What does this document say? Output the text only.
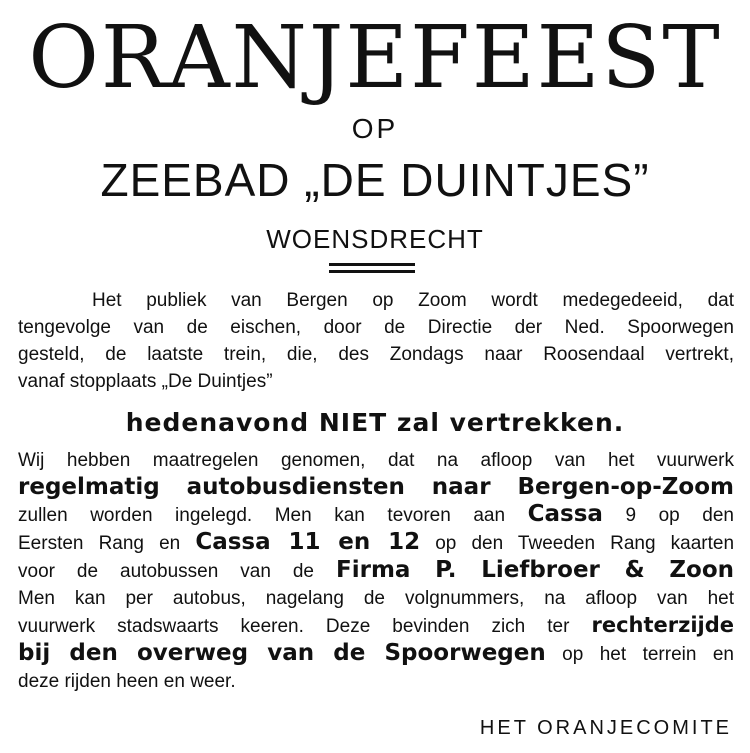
ORANJEFEEST
OP
ZEEBAD „DE DUINTJES”
WOENSDRECHT
Het publiek van Bergen op Zoom wordt medegedeeid, dat
tengevolge van de eischen, door de Directie der Ned. Spoorwegen
gesteld, de laatste trein, die, des Zondags naar Roosendaal vertrekt,
vanaf stopplaats „De Duintjes”
hedenavond NIET zal vertrekken.
Wij hebben maatregelen genomen, dat na afloop van het vuurwerk
regelmatig autobusdiensten naar Bergen-op-Zoom
zullen worden ingelegd. Men kan tevoren aan Cassa 9 op den
Eersten Rang en Cassa 11 en 12 op den Tweeden Rang kaarten
voor de autobussen van de Firma P. Liefbroer & Zoon
Men kan per autobus, nagelang de volgnummers, na afloop van het
vuurwerk stadswaarts keeren. Deze bevinden zich ter rechterzijde
bij den overweg van de Spoorwegen op het terrein en
deze rijden heen en weer.
HET ORANJECOMITE
